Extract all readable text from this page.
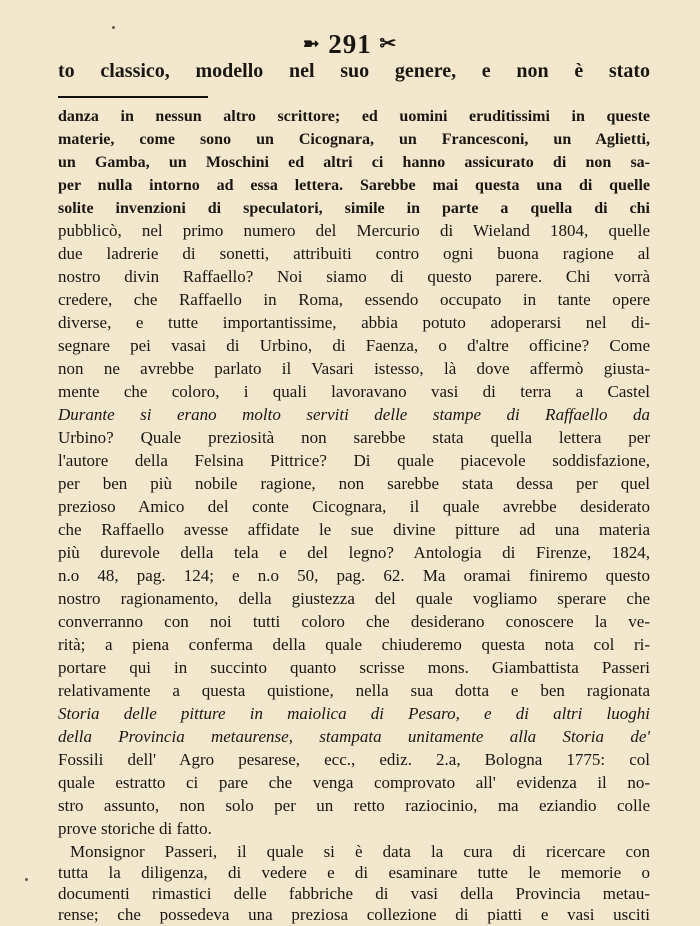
➼ 291 ✂
to classico, modello nel suo genere, e non è stato
danza in nessun altro scrittore; ed uomini eruditissimi in queste
materie, come sono un Cicognara, un Francesconi, un Aglietti,
un Gamba, un Moschini ed altri ci hanno assicurato di non sa-
per nulla intorno ad essa lettera. Sarebbe mai questa una di quelle
solite invenzioni di speculatori, simile in parte a quella di chi
pubblicò, nel primo numero del Mercurio di Wieland 1804, quelle
due ladrerie di sonetti, attribuiti contro ogni buona ragione al
nostro divin Raffaello? Noi siamo di questo parere. Chi vorrà
credere, che Raffaello in Roma, essendo occupato in tante opere
diverse, e tutte importantissime, abbia potuto adoperarsi nel di-
segnare pei vasai di Urbino, di Faenza, o d'altre officine? Come
non ne avrebbe parlato il Vasari istesso, là dove affermò giusta-
mente che coloro, i quali lavoravano vasi di terra a Castel
Durante si erano molto serviti delle stampe di Raffaello da
Urbino? Quale preziosità non sarebbe stata quella lettera per
l'autore della Felsina Pittrice? Di quale piacevole soddisfazione,
per ben più nobile ragione, non sarebbe stata dessa per quel
prezioso Amico del conte Cicognara, il quale avrebbe desiderato
che Raffaello avesse affidate le sue divine pitture ad una materia
più durevole della tela e del legno? Antologia di Firenze, 1824,
n.o 48, pag. 124; e n.o 50, pag. 62. Ma oramai finiremo questo
nostro ragionamento, della giustezza del quale vogliamo sperare che
converranno con noi tutti coloro che desiderano conoscere la ve-
rità; a piena conferma della quale chiuderemo questa nota col ri-
portare qui in succinto quanto scrisse mons. Giambattista Passeri
relativamente a questa quistione, nella sua dotta e ben ragionata
Storia delle pitture in maiolica di Pesaro, e di altri luoghi
della Provincia metaurense, stampata unitamente alla Storia de'
Fossili dell' Agro pesarese, ecc., ediz. 2.a, Bologna 1775: col
quale estratto ci pare che venga comprovato all' evidenza il no-
stro assunto, non solo per un retto raziocinio, ma eziandio colle
prove storiche di fatto.
Monsignor Passeri, il quale si è data la cura di ricercare con
tutta la diligenza, di vedere e di esaminare tutte le memorie o
documenti rimastici delle fabbriche di vasi della Provincia metau-
rense; che possedeva una preziosa collezione di piatti e vasi usciti
